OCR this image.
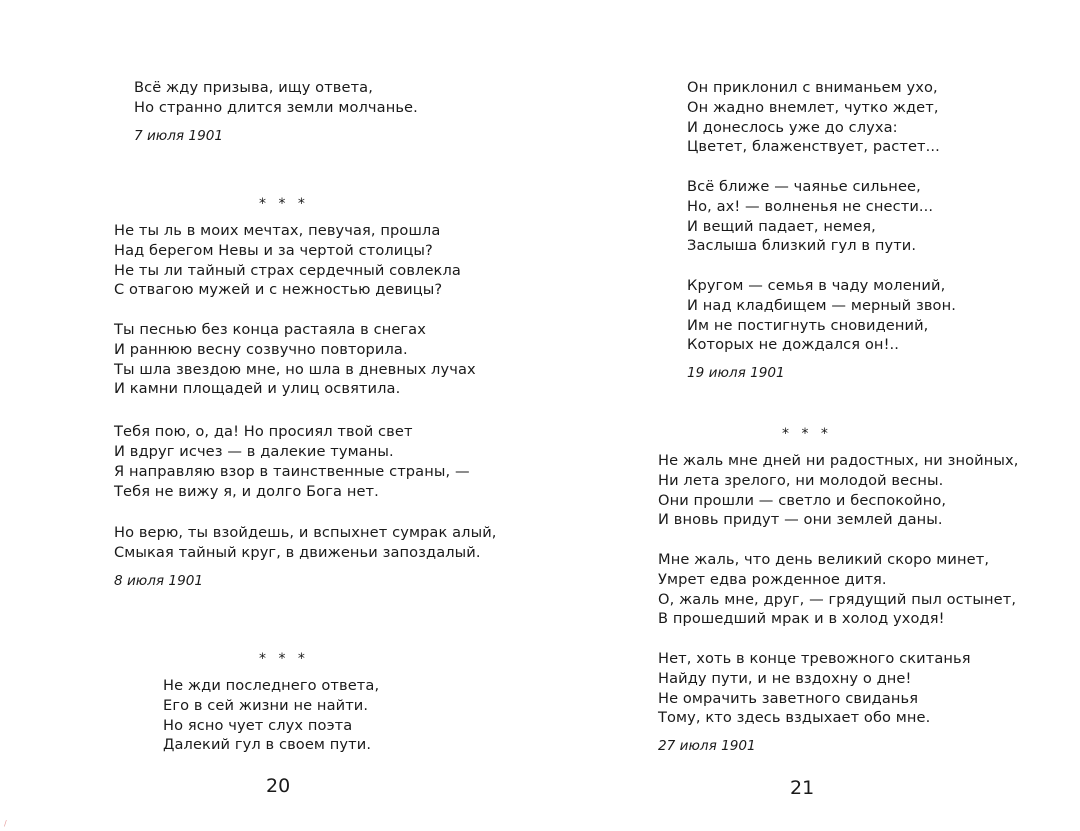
Всё жду призыва, ищу ответа,
Но странно длится земли молчанье.
7 июля 1901
* * *
Не ты ль в моих мечтах, певучая, прошла
Над берегом Невы и за чертой столицы?
Не ты ли тайный страх сердечный совлекла
С отвагою мужей и с нежностью девицы?
Ты песнью без конца растаяла в снегах
И раннюю весну созвучно повторила.
Ты шла звездою мне, но шла в дневных лучах
И камни площадей и улиц освятила.
Тебя пою, о, да! Но просиял твой свет
И вдруг исчез — в далекие туманы.
Я направляю взор в таинственные страны, —
Тебя не вижу я, и долго Бога нет.
Но верю, ты взойдешь, и вспыхнет сумрак алый,
Смыкая тайный круг, в движеньи запоздалый.
8 июля 1901
* * *
Не жди последнего ответа,
Его в сей жизни не найти.
Но ясно чует слух поэта
Далекий гул в своем пути.
20
/
Он приклонил с вниманьем ухо,
Он жадно внемлет, чутко ждет,
И донеслось уже до слуха:
Цветет, блаженствует, растет...
Всё ближе — чаянье сильнее,
Но, ах! — волненья не снести...
И вещий падает, немея,
Заслыша близкий гул в пути.
Кругом — семья в чаду молений,
И над кладбищем — мерный звон.
Им не постигнуть сновидений,
Которых не дождался он!..
19 июля 1901
* * *
Не жаль мне дней ни радостных, ни знойных,
Ни лета зрелого, ни молодой весны.
Они прошли — светло и беспокойно,
И вновь придут — они землей даны.
Мне жаль, что день великий скоро минет,
Умрет едва рожденное дитя.
О, жаль мне, друг, — грядущий пыл остынет,
В прошедший мрак и в холод уходя!
Нет, хоть в конце тревожного скитанья
Найду пути, и не вздохну о дне!
Не омрачить заветного свиданья
Тому, кто здесь вздыхает обо мне.
27 июля 1901
21
